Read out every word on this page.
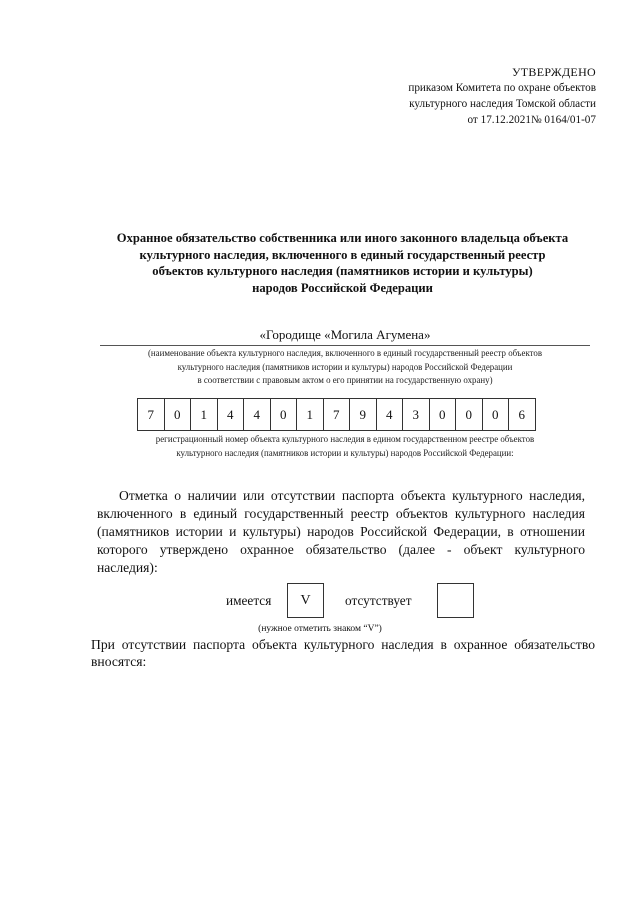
УТВЕРЖДЕНО
приказом Комитета по охране объектов
культурного наследия Томской области
от 17.12.2021№ 0164/01-07
Охранное обязательство собственника или иного законного владельца объекта
культурного наследия, включенного в единый государственный реестр
объектов культурного наследия (памятников истории и культуры)
народов Российской Федерации
«Городище «Могила Агумена»
(наименование объекта культурного наследия, включенного в единый государственный реестр объектов
культурного наследия (памятников истории и культуры) народов Российской Федерации
в соответствии с правовым актом о его принятии на государственную охрану)
7	0	1	4	4	0	1	7	9	4	3	0	0	0	6
регистрационный номер объекта культурного наследия в едином государственном реестре объектов
культурного наследия (памятников истории и культуры) народов Российской Федерации:
Отметка о наличии или отсутствии паспорта объекта культурного наследия, включенного в единый государственный реестр объектов культурного наследия (памятников истории и культуры) народов Российской Федерации, в отношении которого утверждено охранное обязательство (далее - объект культурного наследия):
имеется	V	отсутствует
(нужное отметить знаком “V”)
При отсутствии паспорта объекта культурного наследия в охранное обязательство вносятся:
